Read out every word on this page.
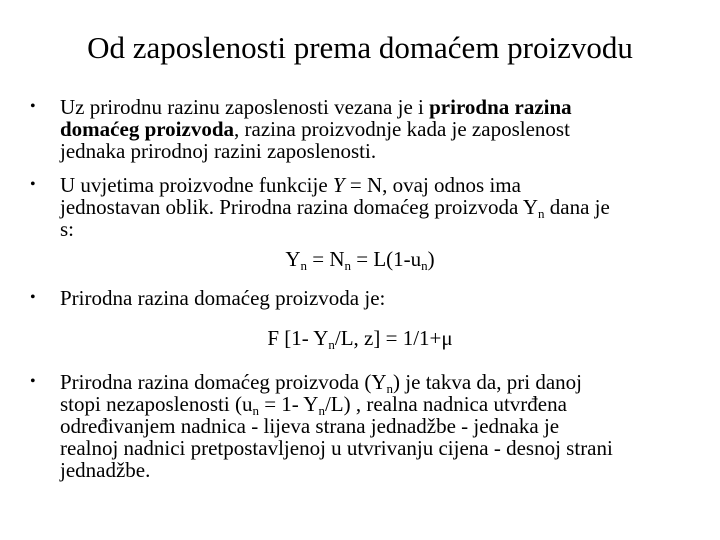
Od zaposlenosti prema domaćem proizvodu
• Uz prirodnu razinu zaposlenosti vezana je i prirodna razina
domaćeg proizvoda, razina proizvodnje kada je zaposlenost
jednaka prirodnoj razini zaposlenosti.
• U uvjetima proizvodne funkcije Y = N, ovaj odnos ima
jednostavan oblik. Prirodna razina domaćeg proizvoda $Y_n$ dana je
s:
$Y_n = N_n = L(1-u_n)$
• Prirodna razina domaćeg proizvoda je:
F [1- $Y_n/L$, z] = 1/1+μ
• Prirodna razina domaćeg proizvoda $(Y_n)$ je takva da, pri danoj
stopi nezaposlenosti ($u_n = 1-$ $Y_n/L$) , realna nadnica utvrđena
određivanjem nadnica - lijeva strana jednadžbe - jednaka je
realnoj nadnici pretpostavljenoj u utvrivanju cijena - desnoj strani
jednadžbe.
